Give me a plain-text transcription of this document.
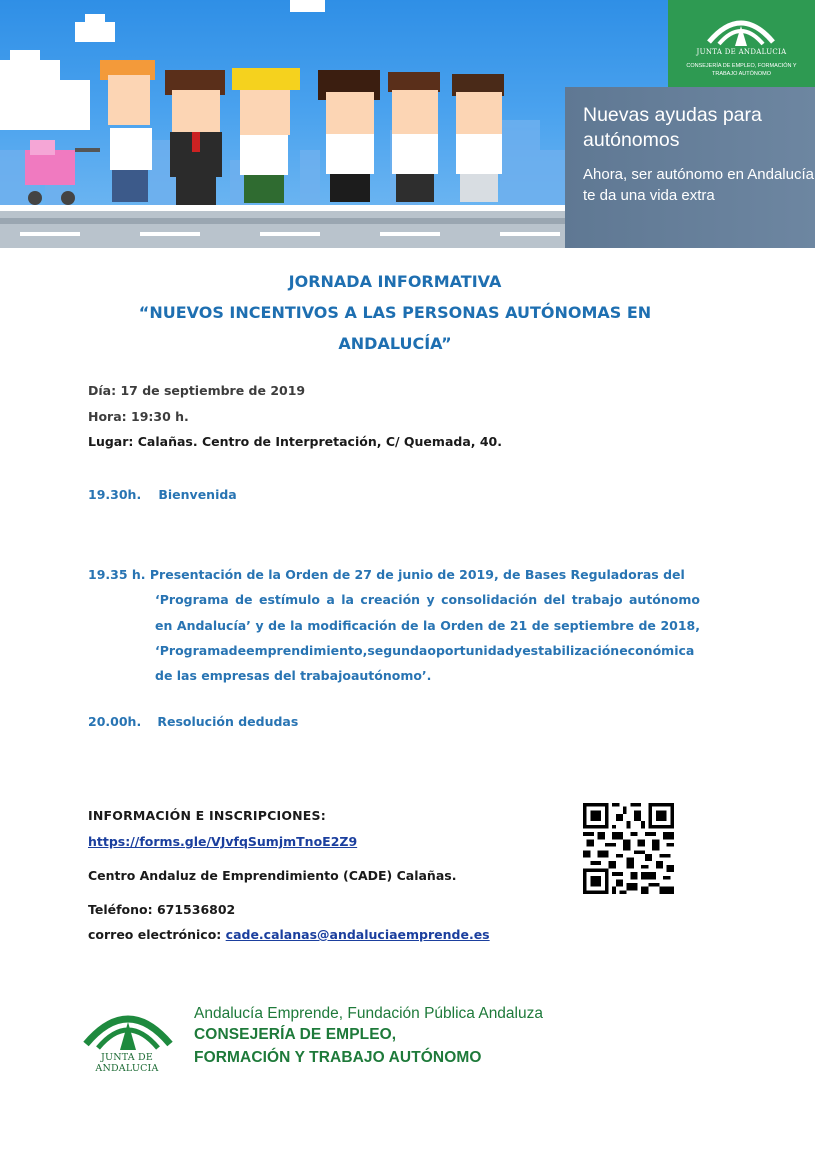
JUNTA DE ANDALUCIA
CONSEJERÍA DE EMPLEO, FORMACIÓN Y TRABAJO AUTÓNOMO
Nuevas ayudas para autónomos
Ahora, ser autónomo en Andalucía te da una vida extra
JORNADA INFORMATIVA
“NUEVOS INCENTIVOS A LAS PERSONAS AUTÓNOMAS EN
ANDALUCÍA”
Día: 17 de septiembre de 2019
Hora: 19:30 h.
Lugar: Calañas. Centro de Interpretación, C/ Quemada, 40.
19.30h. Bienvenida
19.35 h. Presentación de la Orden de 27 de junio de 2019, de Bases Reguladoras del
‘Programa de estímulo a la creación y consolidación del trabajo autónomo en Andalucía’ y de la modificación de la Orden de 21 de septiembre de 2018, ‘Programadeemprendimiento,segundaoportunidadyestabilizacióneconómica de las empresas del trabajoautónomo’.
20.00h. Resolución dedudas
INFORMACIÓN E INSCRIPCIONES:
https://forms.gle/VJvfqSumjmTnoE2Z9
Centro Andaluz de Emprendimiento (CADE) Calañas.
Teléfono: 671536802
correo electrónico: cade.calanas@andaluciaemprende.es
JUNTA DE ANDALUCIA
Andalucía Emprende, Fundación Pública Andaluza
CONSEJERÍA DE EMPLEO,
FORMACIÓN Y TRABAJO AUTÓNOMO
